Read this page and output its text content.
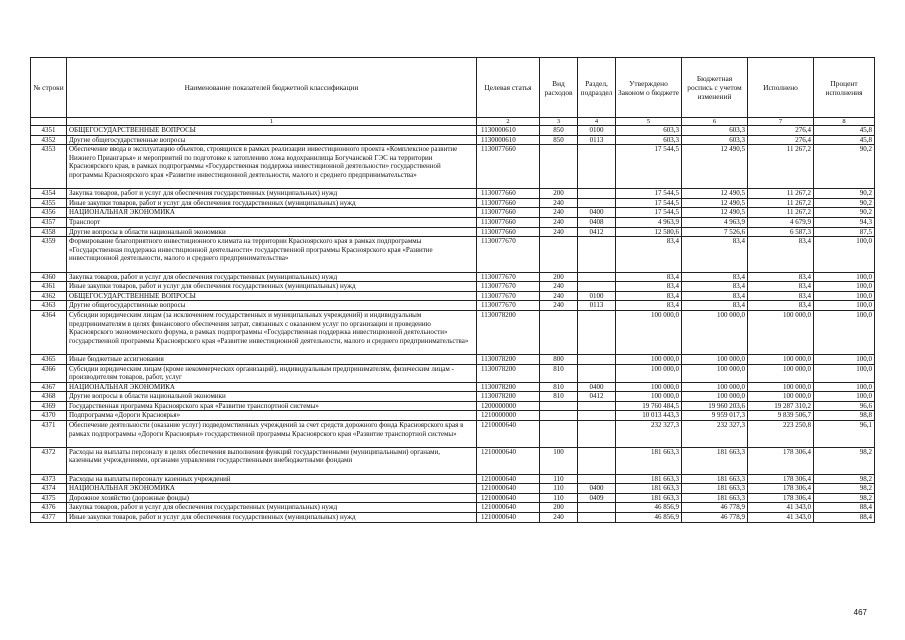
№ строки	Наименование показателей бюджетной классификации	Целевая статья	Вид расходов	Раздел, подраздел	Утверждено Законом о бюджете	Бюджетная роспись с учетом изменений	Исполнено	Процент исполнения
	1	2	3	4	5	6	7	8
4351	ОБЩЕГОСУДАРСТВЕННЫЕ ВОПРОСЫ	1130000610	850	0100	603,3	603,3	276,4	45,8
4352	Другие общегосударственные вопросы	1130000610	850	0113	603,3	603,3	276,4	45,8
4353	Обеспечение ввода в эксплуатацию объектов, строящихся в рамках реализации инвестиционного проекта «Комплексное развитие Нижнего Приангарья» и мероприятий по подготовке к затоплению ложа водохранилища Богучанской ГЭС на территории Красноярского края, в рамках подпрограммы «Государственная поддержка инвестиционной деятельности» государственной программы Красноярского края «Развитие инвестиционной деятельности, малого и среднего предпринимательства»	1130077660			17 544,5	12 490,5	11 267,2	90,2
4354	Закупка товаров, работ и услуг для обеспечения государственных (муниципальных) нужд	1130077660	200		17 544,5	12 490,5	11 267,2	90,2
4355	Иные закупки товаров, работ и услуг для обеспечения государственных (муниципальных) нужд	1130077660	240		17 544,5	12 490,5	11 267,2	90,2
4356	НАЦИОНАЛЬНАЯ ЭКОНОМИКА	1130077660	240	0400	17 544,5	12 490,5	11 267,2	90,2
4357	Транспорт	1130077660	240	0408	4 963,9	4 963,9	4 679,9	94,3
4358	Другие вопросы в области национальной экономики	1130077660	240	0412	12 580,6	7 526,6	6 587,3	87,5
4359	Формирование благоприятного инвестиционного климата на территории Красноярского края в рамках подпрограммы «Государственная поддержка инвестиционной деятельности» государственной программы Красноярского края «Развитие инвестиционной деятельности, малого и среднего предпринимательства»	1130077670			83,4	83,4	83,4	100,0
4360	Закупка товаров, работ и услуг для обеспечения государственных (муниципальных) нужд	1130077670	200		83,4	83,4	83,4	100,0
4361	Иные закупки товаров, работ и услуг для обеспечения государственных (муниципальных) нужд	1130077670	240		83,4	83,4	83,4	100,0
4362	ОБЩЕГОСУДАРСТВЕННЫЕ ВОПРОСЫ	1130077670	240	0100	83,4	83,4	83,4	100,0
4363	Другие общегосударственные вопросы	1130077670	240	0113	83,4	83,4	83,4	100,0
4364	Субсидии юридическим лицам (за исключением государственных и муниципальных учреждений) и индивидуальным предпринимателям в целях финансового обеспечения затрат, связанных с оказанием услуг по организации и проведению Красноярского экономического форума, в рамках подпрограммы «Государственная поддержка инвестиционной деятельности» государственной программы Красноярского края «Развитие инвестиционной деятельности, малого и среднего предпринимательства»	1130078200			100 000,0	100 000,0	100 000,0	100,0
4365	Иные бюджетные ассигнования	1130078200	800		100 000,0	100 000,0	100 000,0	100,0
4366	Субсидии юридическим лицам (кроме некоммерческих организаций), индивидуальным предпринимателям, физическим лицам - производителям товаров, работ, услуг	1130078200	810		100 000,0	100 000,0	100 000,0	100,0
4367	НАЦИОНАЛЬНАЯ ЭКОНОМИКА	1130078200	810	0400	100 000,0	100 000,0	100 000,0	100,0
4368	Другие вопросы в области национальной экономики	1130078200	810	0412	100 000,0	100 000,0	100 000,0	100,0
4369	Государственная программа Красноярского края «Развитие транспортной системы»	1200000000			19 760 484,5	19 960 203,6	19 287 310,2	96,6
4370	Подпрограмма «Дороги Красноярья»	1210000000			10 013 443,3	9 959 017,3	9 839 506,7	98,8
4371	Обеспечение деятельности (оказание услуг) подведомственных учреждений за счет средств дорожного фонда Красноярского края в рамках подпрограммы «Дороги Красноярья» государственной программы Красноярского края «Развитие транспортной системы»	1210000640			232 327,3	232 327,3	223 250,8	96,1
4372	Расходы на выплаты персоналу в целях обеспечения выполнения функций государственными (муниципальными) органами, казенными учреждениями, органами управления государственными внебюджетными фондами	1210000640	100		181 663,3	181 663,3	178 306,4	98,2
4373	Расходы на выплаты персоналу казенных учреждений	1210000640	110		181 663,3	181 663,3	178 306,4	98,2
4374	НАЦИОНАЛЬНАЯ ЭКОНОМИКА	1210000640	110	0400	181 663,3	181 663,3	178 306,4	98,2
4375	Дорожное хозяйство (дорожные фонды)	1210000640	110	0409	181 663,3	181 663,3	178 306,4	98,2
4376	Закупка товаров, работ и услуг для обеспечения государственных (муниципальных) нужд	1210000640	200		46 856,9	46 778,9	41 343,0	88,4
4377	Иные закупки товаров, работ и услуг для обеспечения государственных (муниципальных) нужд	1210000640	240		46 856,9	46 778,9	41 343,0	88,4
467
